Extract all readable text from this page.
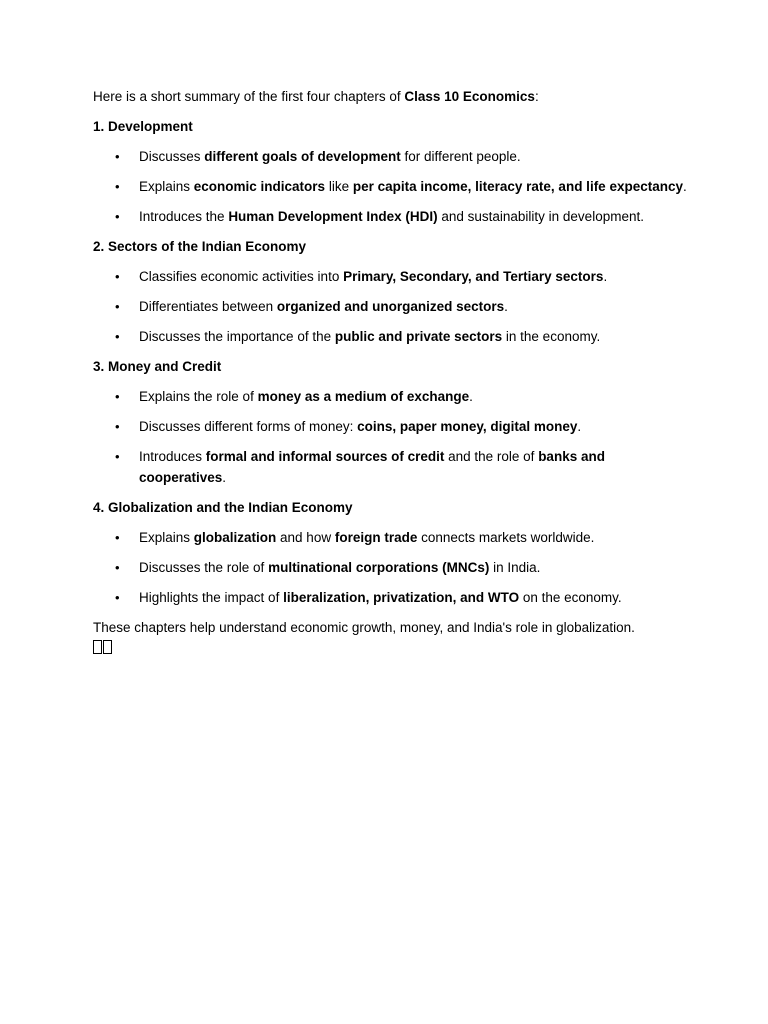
Here is a short summary of the first four chapters of Class 10 Economics:

1. Development

• Discusses different goals of development for different people.
• Explains economic indicators like per capita income, literacy rate, and life expectancy.
• Introduces the Human Development Index (HDI) and sustainability in development.

2. Sectors of the Indian Economy

• Classifies economic activities into Primary, Secondary, and Tertiary sectors.
• Differentiates between organized and unorganized sectors.
• Discusses the importance of the public and private sectors in the economy.

3. Money and Credit

• Explains the role of money as a medium of exchange.
• Discusses different forms of money: coins, paper money, digital money.
• Introduces formal and informal sources of credit and the role of banks and cooperatives.

4. Globalization and the Indian Economy

• Explains globalization and how foreign trade connects markets worldwide.
• Discusses the role of multinational corporations (MNCs) in India.
• Highlights the impact of liberalization, privatization, and WTO on the economy.

These chapters help understand economic growth, money, and India's role in globalization.
